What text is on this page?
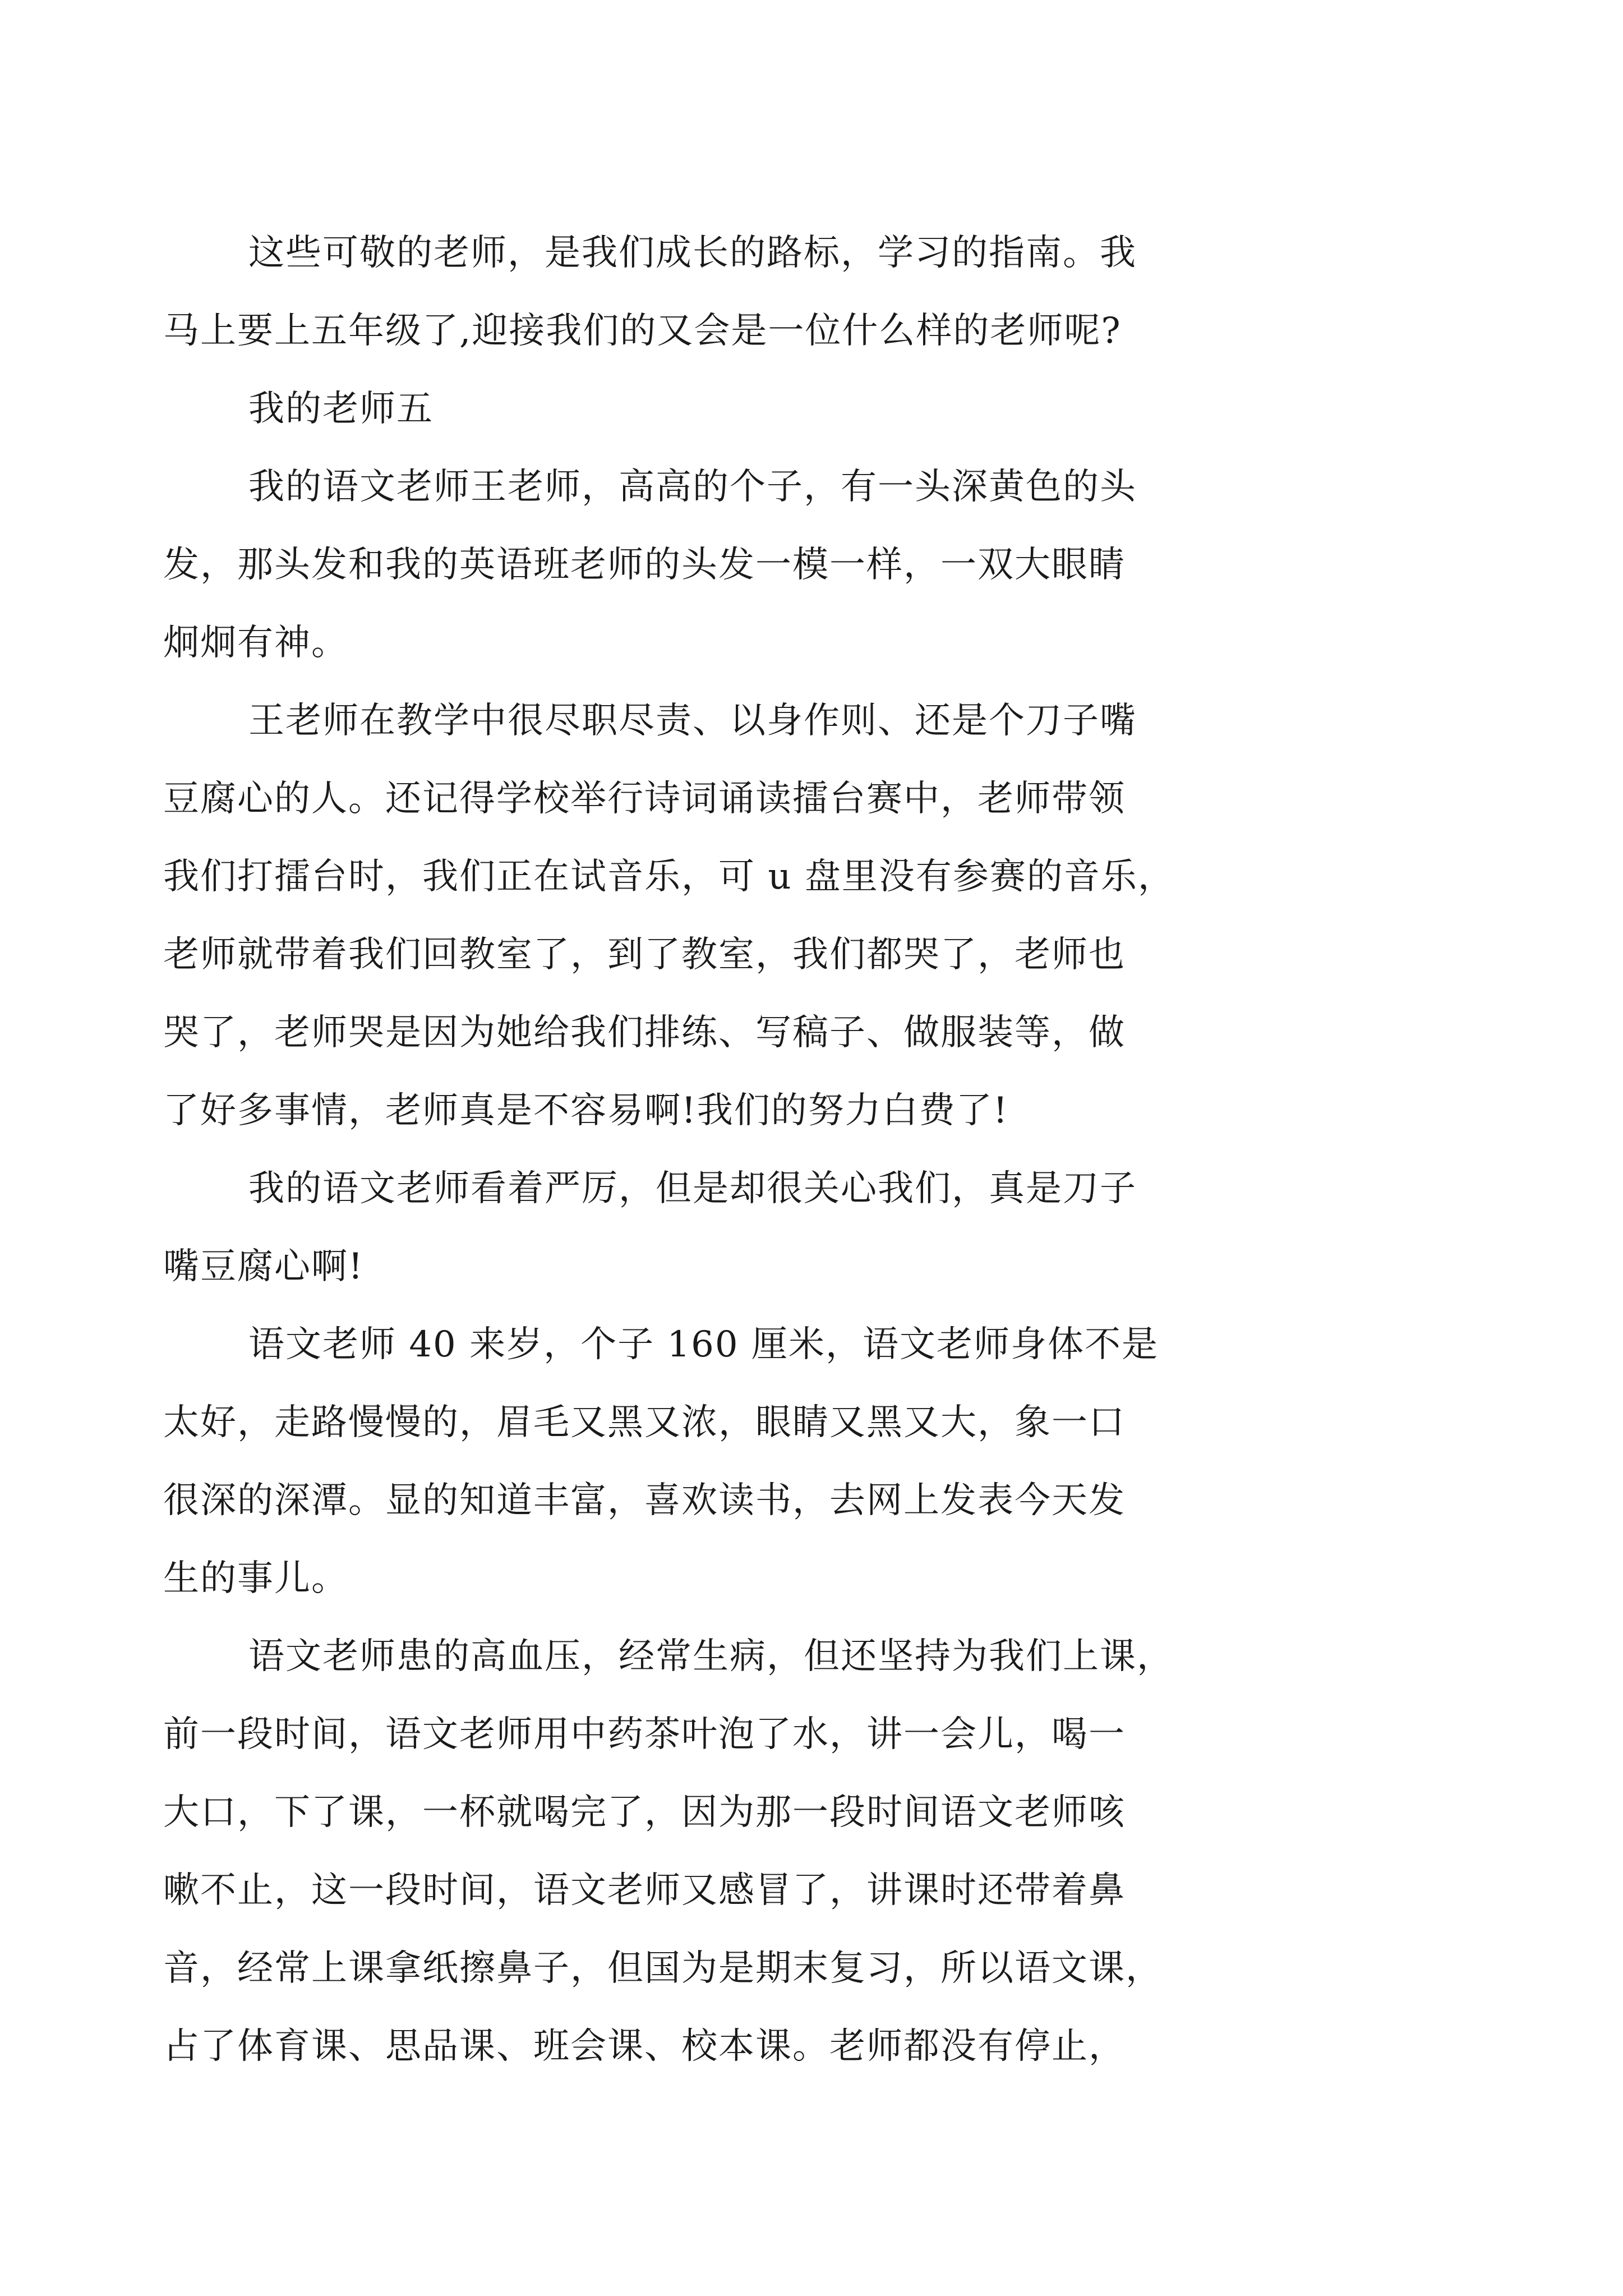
这些可敬的老师，是我们成长的路标，学习的指南。我
马上要上五年级了,迎接我们的又会是一位什么样的老师呢?

我的老师五

我的语文老师王老师，高高的个子，有一头深黄色的头
发，那头发和我的英语班老师的头发一模一样，一双大眼睛
炯炯有神。

王老师在教学中很尽职尽责、以身作则、还是个刀子嘴
豆腐心的人。还记得学校举行诗词诵读擂台赛中，老师带领
我们打擂台时，我们正在试音乐，可 u 盘里没有参赛的音乐，
老师就带着我们回教室了，到了教室，我们都哭了，老师也
哭了，老师哭是因为她给我们排练、写稿子、做服装等，做
了好多事情，老师真是不容易啊!我们的努力白费了!

我的语文老师看着严厉，但是却很关心我们，真是刀子
嘴豆腐心啊!

语文老师 40 来岁，个子 160 厘米，语文老师身体不是
太好，走路慢慢的，眉毛又黑又浓，眼睛又黑又大，象一口
很深的深潭。显的知道丰富，喜欢读书，去网上发表今天发
生的事儿。

语文老师患的高血压，经常生病，但还坚持为我们上课，
前一段时间，语文老师用中药茶叶泡了水，讲一会儿，喝一
大口，下了课，一杯就喝完了，因为那一段时间语文老师咳
嗽不止，这一段时间，语文老师又感冒了，讲课时还带着鼻
音，经常上课拿纸擦鼻子，但国为是期末复习，所以语文课，
占了体育课、思品课、班会课、校本课。老师都没有停止，
